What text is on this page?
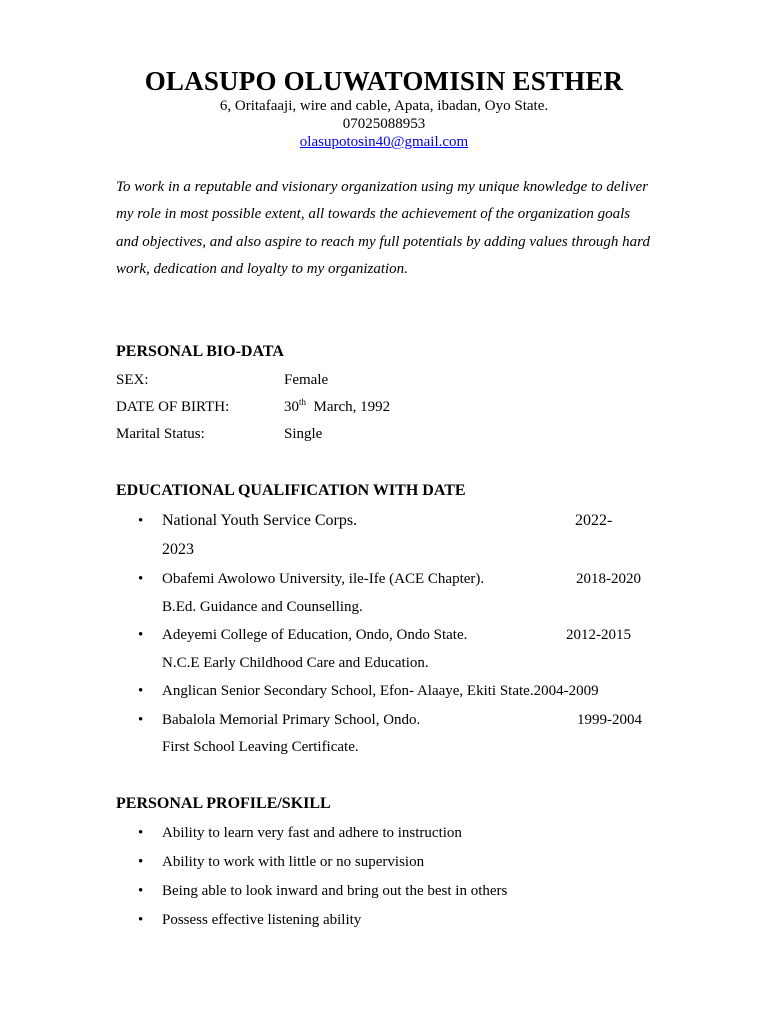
OLASUPO OLUWATOMISIN ESTHER
6, Oritafaaji, wire and cable, Apata, ibadan, Oyo State.
07025088953
olasupotosin40@gmail.com
To work in a reputable and visionary organization using my unique knowledge to deliver my role in most possible extent, all towards the achievement of the organization goals and objectives, and also aspire to reach my full potentials by adding values through hard work, dedication and loyalty to my organization.
PERSONAL BIO-DATA
SEX:	Female
DATE OF BIRTH:	30th March, 1992
Marital Status:	Single
EDUCATIONAL QUALIFICATION WITH DATE
• National Youth Service Corps.	2022-
2023
• Obafemi Awolowo University, ile-Ife (ACE Chapter).	2018-2020
B.Ed. Guidance and Counselling.
• Adeyemi College of Education, Ondo, Ondo State.	2012-2015
N.C.E Early Childhood Care and Education.
• Anglican Senior Secondary School, Efon- Alaaye, Ekiti State.2004-2009
• Babalola Memorial Primary School, Ondo.	1999-2004
First School Leaving Certificate.
PERSONAL PROFILE/SKILL
• Ability to learn very fast and adhere to instruction
• Ability to work with little or no supervision
• Being able to look inward and bring out the best in others
• Possess effective listening ability
